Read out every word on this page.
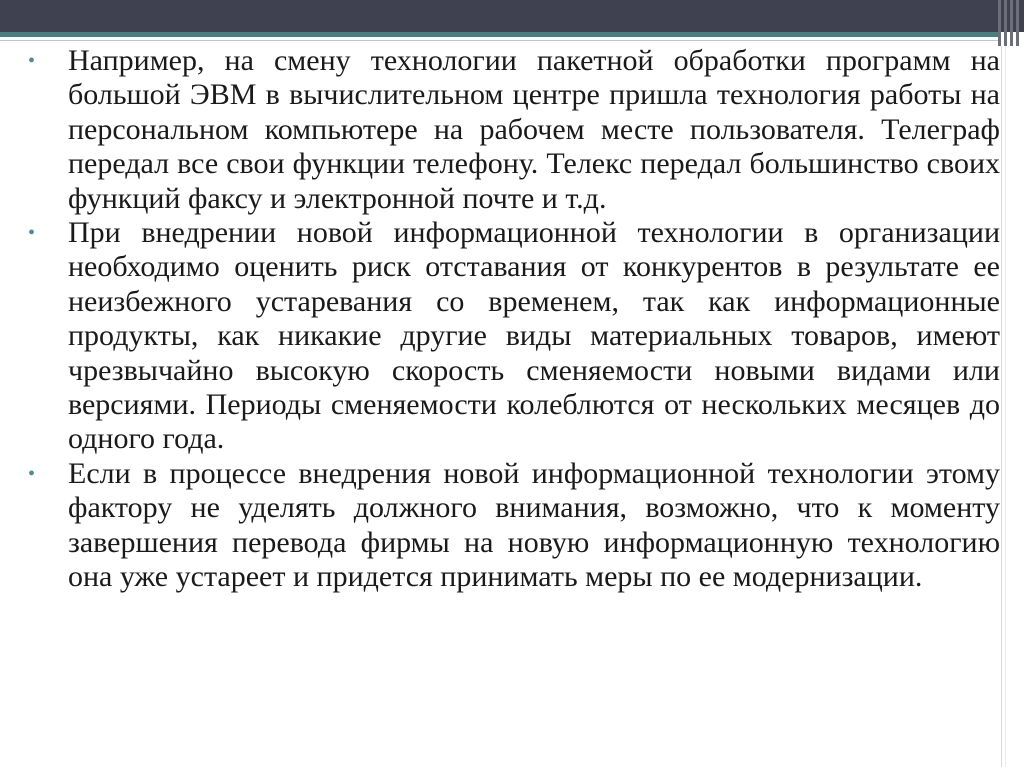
• Например, на смену технологии пакетной обработки программ на большой ЭВМ в вычислительном центре пришла технология работы на персональном компьютере на рабочем месте пользователя. Телеграф передал все свои функции телефону. Телекс передал большинство своих функций факсу и электронной почте и т.д.
• При внедрении новой информационной технологии в организации необходимо оценить риск отставания от конкурентов в результате ее неизбежного устаревания со временем, так как информационные продукты, как никакие другие виды материальных товаров, имеют чрезвычайно высокую скорость сменяемости новыми видами или версиями. Периоды сменяемости колеблются от нескольких месяцев до одного года.
• Если в процессе внедрения новой информационной технологии этому фактору не уделять должного внимания, возможно, что к моменту завершения перевода фирмы на новую информационную технологию она уже устареет и придется принимать меры по ее модернизации.
